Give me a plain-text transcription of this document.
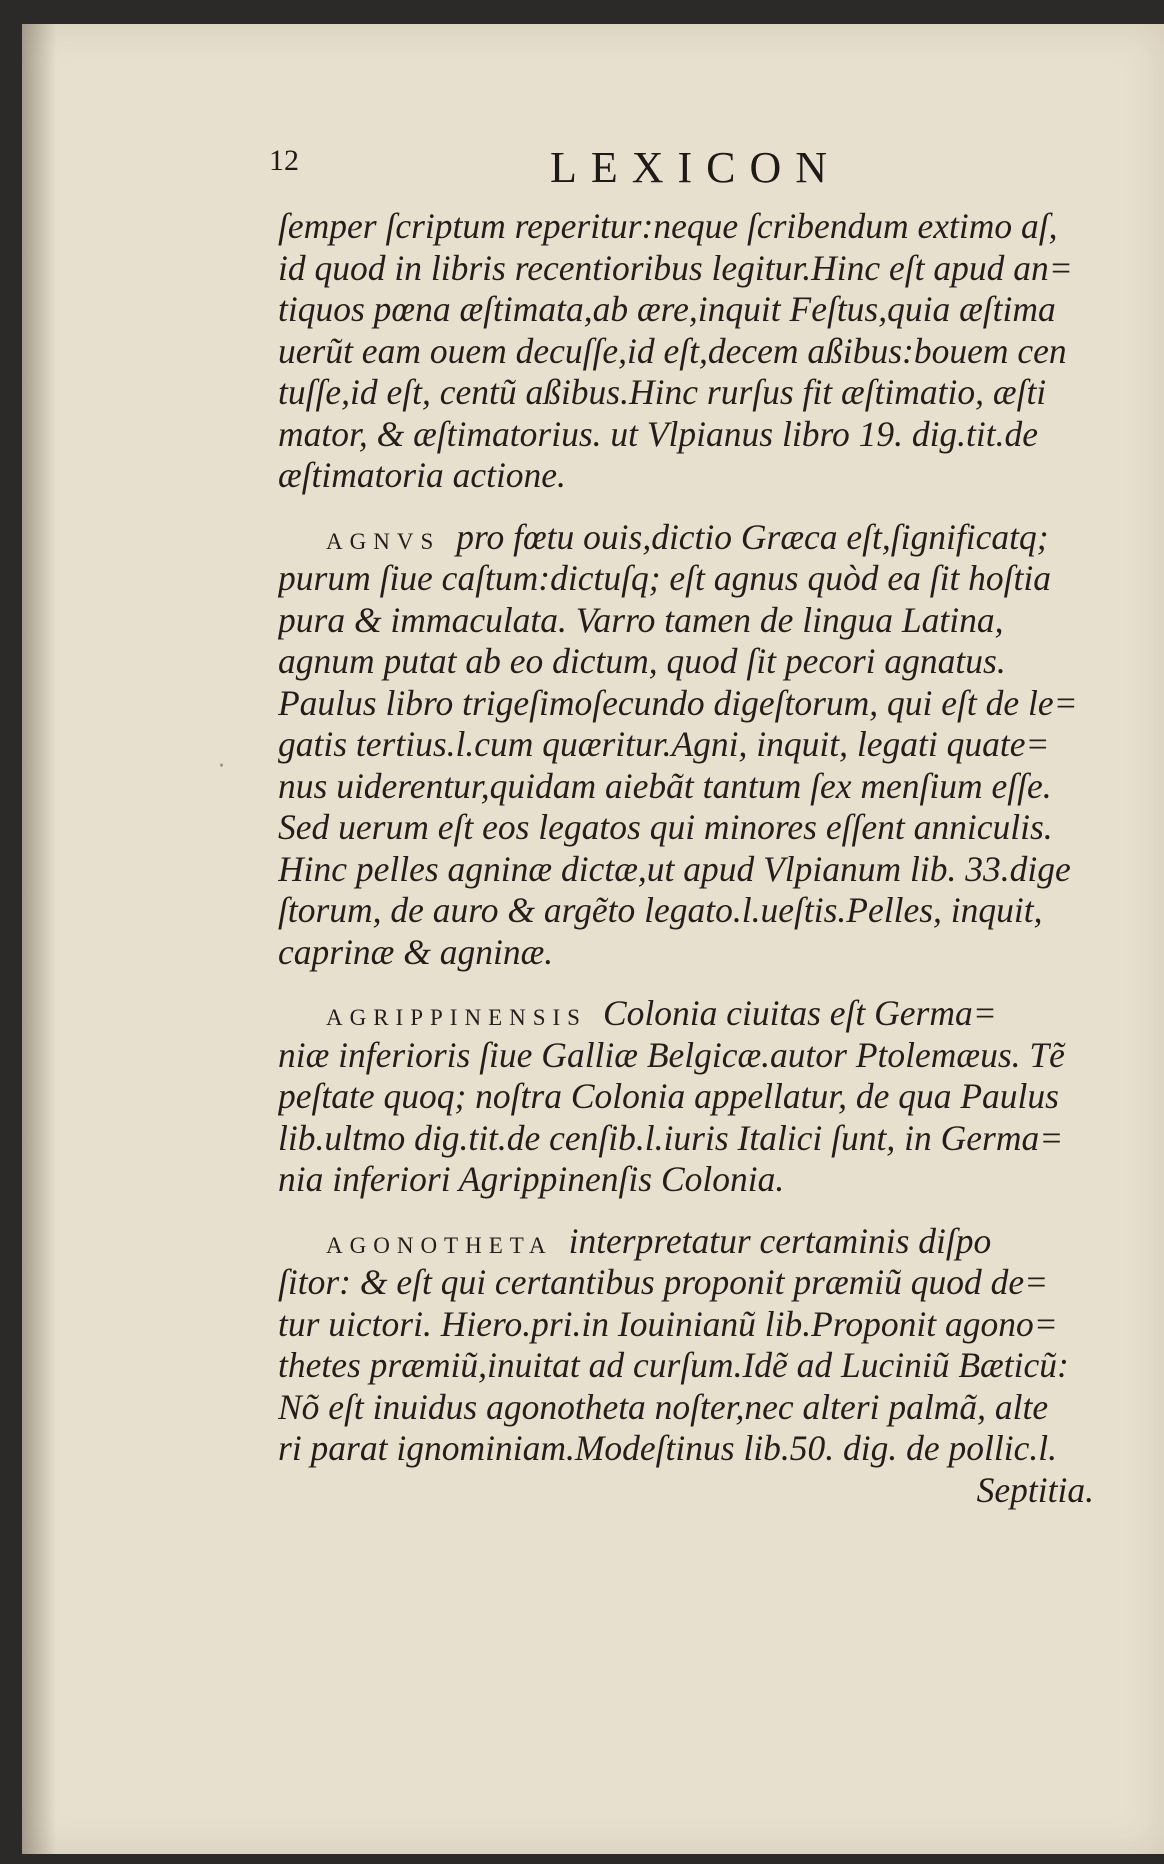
·
12	LEXICON
ſemper ſcriptum reperitur:neque ſcribendum extimo aſ,
id quod in libris recentioribus legitur.Hinc eſt apud an=
tiquos pœna æſtimata,ab ære,inquit Feſtus,quia æſtima
uerũt eam ouem decuſſe,id eſt,decem aßibus:bouem cen
tuſſe,id eſt, centũ aßibus.Hinc rurſus fit æſtimatio, æſti
mator, & æſtimatorius. ut Vlpianus libro 19. dig.tit.de
æſtimatoria actione.
AGNVS pro fœtu ouis,dictio Græca eſt,ſignificatq;
purum ſiue caſtum:dictuſq; eſt agnus quòd ea ſit hoſtia
pura & immaculata. Varro tamen de lingua Latina,
agnum putat ab eo dictum, quod ſit pecori agnatus.
Paulus libro trigeſimoſecundo digeſtorum, qui eſt de le=
gatis tertius.l.cum quæritur.Agni, inquit, legati quate=
nus uiderentur,quidam aiebãt tantum ſex menſium eſſe.
Sed uerum eſt eos legatos qui minores eſſent anniculis.
Hinc pelles agninæ dictæ,ut apud Vlpianum lib. 33.dige
ſtorum, de auro & argẽto legato.l.ueſtis.Pelles, inquit,
caprinæ & agninæ.
AGRIPPINENSIS Colonia ciuitas eſt Germa=
niæ inferioris ſiue Galliæ Belgicæ.autor Ptolemæus. Tẽ
peſtate quoq; noſtra Colonia appellatur, de qua Paulus
lib.ultmo dig.tit.de cenſib.l.iuris Italici ſunt, in Germa=
nia inferiori Agrippinenſis Colonia.
AGONOTHETA interpretatur certaminis diſpo
ſitor: & eſt qui certantibus proponit præmiũ quod de=
tur uictori. Hiero.pri.in Iouinianũ lib.Proponit agono=
thetes præmiũ,inuitat ad curſum.Idẽ ad Luciniũ Bæticũ:
Nõ eſt inuidus agonotheta noſter,nec alteri palmã, alte
ri parat ignominiam.Modeſtinus lib.50. dig. de pollic.l.
Septitia.
